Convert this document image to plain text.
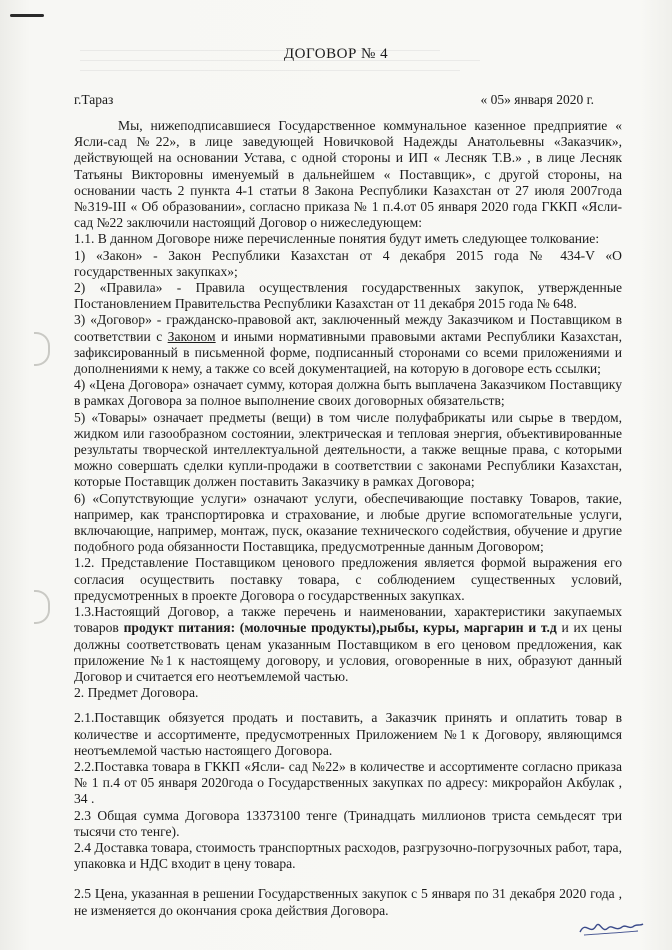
ДОГОВОР № 4
г.Тараз	« 05» января 2020 г.

Мы, нижеподписавшиеся Государственное коммунальное казенное предприятие « Ясли-сад №22», в лице заведующей Новичковой Надежды Анатольевны «Заказчик», действующей на основании Устава, с одной стороны и ИП « Лесняк Т.В.» , в лице Лесняк Татьяны Викторовны именуемый в дальнейшем « Поставщик», с другой стороны, на основании часть 2 пункта 4-1 статьи 8 Закона Республики Казахстан от 27 июля 2007года №319-III « Об образовании», согласно приказа № 1 п.4.от 05 января 2020 года ГККП «Ясли- сад №22 заключили настоящий Договор о нижеследующем:

1.1. В данном Договоре ниже перечисленные понятия будут иметь следующее толкование:

1) «Закон» - Закон Республики Казахстан от 4 декабря 2015 года № 434-V «О государственных закупках»;

2) «Правила» - Правила осуществления государственных закупок, утвержденные Постановлением Правительства Республики Казахстан от 11 декабря 2015 года № 648.

3) «Договор» - гражданско-правовой акт, заключенный между Заказчиком и Поставщиком в соответствии с Законом и иными нормативными правовыми актами Республики Казахстан, зафиксированный в письменной форме, подписанный сторонами со всеми приложениями и дополнениями к нему, а также со всей документацией, на которую в договоре есть ссылки;

4) «Цена Договора» означает сумму, которая должна быть выплачена Заказчиком Поставщику в рамках Договора за полное выполнение своих договорных обязательств;

5) «Товары» означает предметы (вещи) в том числе полуфабрикаты или сырье в твердом, жидком или газообразном состоянии, электрическая и тепловая энергия, объективированные результаты творческой интеллектуальной деятельности, а также вещные права, с которыми можно совершать сделки купли-продажи в соответствии с законами Республики Казахстан, которые Поставщик должен поставить Заказчику в рамках Договора;

6) «Сопутствующие услуги» означают услуги, обеспечивающие поставку Товаров, такие, например, как транспортировка и страхование, и любые другие вспомогательные услуги, включающие, например, монтаж, пуск, оказание технического содействия, обучение и другие подобного рода обязанности Поставщика, предусмотренные данным Договором;

1.2. Представление Поставщиком ценового предложения является формой выражения его согласия осуществить поставку товара, с соблюдением существенных условий, предусмотренных в проекте Договора о государственных закупках.

1.3.Настоящий Договор, а также перечень и наименовании, характеристики закупаемых товаров продукт питания: (молочные продукты),рыбы, куры, маргарин и т.д и их цены должны соответствовать ценам указанным Поставщиком в его ценовом предложения, как приложение №1 к настоящему договору, и условия, оговоренные в них, образуют данный Договор и считается его неотъемлемой частью.

2. Предмет Договора.

2.1.Поставщик обязуется продать и поставить, а Заказчик принять и оплатить товар в количестве и ассортименте, предусмотренных Приложением №1 к Договору, являющимся неотъемлемой частью настоящего Договора.

2.2.Поставка товара в ГККП «Ясли- сад №22» в количестве и ассортименте согласно приказа № 1 п.4 от 05 января 2020года о Государственных закупках по адресу: микрорайон Акбулак , 34 .

2.3 Общая сумма Договора 13373100 тенге (Тринадцать миллионов триста семьдесят три тысячи сто тенге).

2.4 Доставка товара, стоимость транспортных расходов, разгрузочно-погрузочных работ, тара, упаковка и НДС входит в цену товара.

2.5 Цена, указанная в решении Государственных закупок с 5 января по 31 декабря 2020 года , не изменяется до окончания срока действия Договора.
